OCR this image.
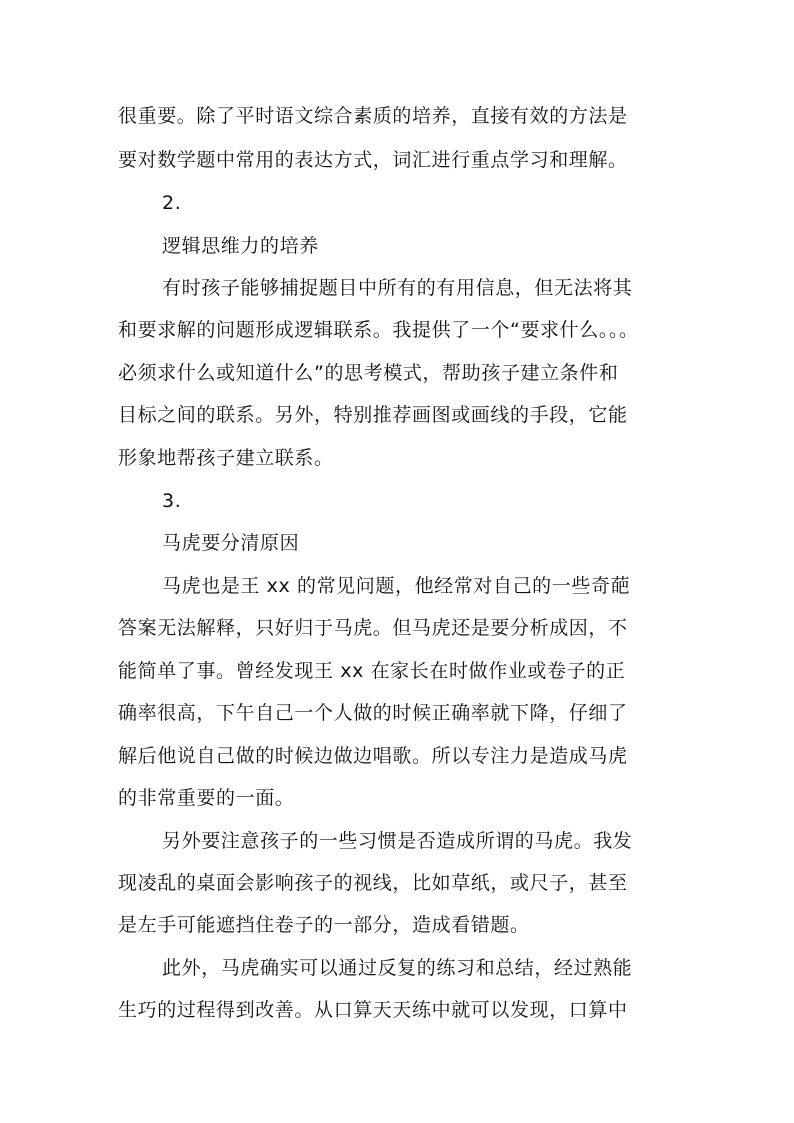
很重要。除了平时语文综合素质的培养，直接有效的方法是
要对数学题中常用的表达方式，词汇进行重点学习和理解。
2.
逻辑思维力的培养
有时孩子能够捕捉题目中所有的有用信息，但无法将其
和要求解的问题形成逻辑联系。我提供了一个“要求什么。。。
必须求什么或知道什么”的思考模式，帮助孩子建立条件和
目标之间的联系。另外，特别推荐画图或画线的手段，它能
形象地帮孩子建立联系。
3.
马虎要分清原因
马虎也是王 xx 的常见问题，他经常对自己的一些奇葩
答案无法解释，只好归于马虎。但马虎还是要分析成因，不
能简单了事。曾经发现王 xx 在家长在时做作业或卷子的正
确率很高，下午自己一个人做的时候正确率就下降，仔细了
解后他说自己做的时候边做边唱歌。所以专注力是造成马虎
的非常重要的一面。
另外要注意孩子的一些习惯是否造成所谓的马虎。我发
现凌乱的桌面会影响孩子的视线，比如草纸，或尺子，甚至
是左手可能遮挡住卷子的一部分，造成看错题。
此外，马虎确实可以通过反复的练习和总结，经过熟能
生巧的过程得到改善。从口算天天练中就可以发现，口算中
